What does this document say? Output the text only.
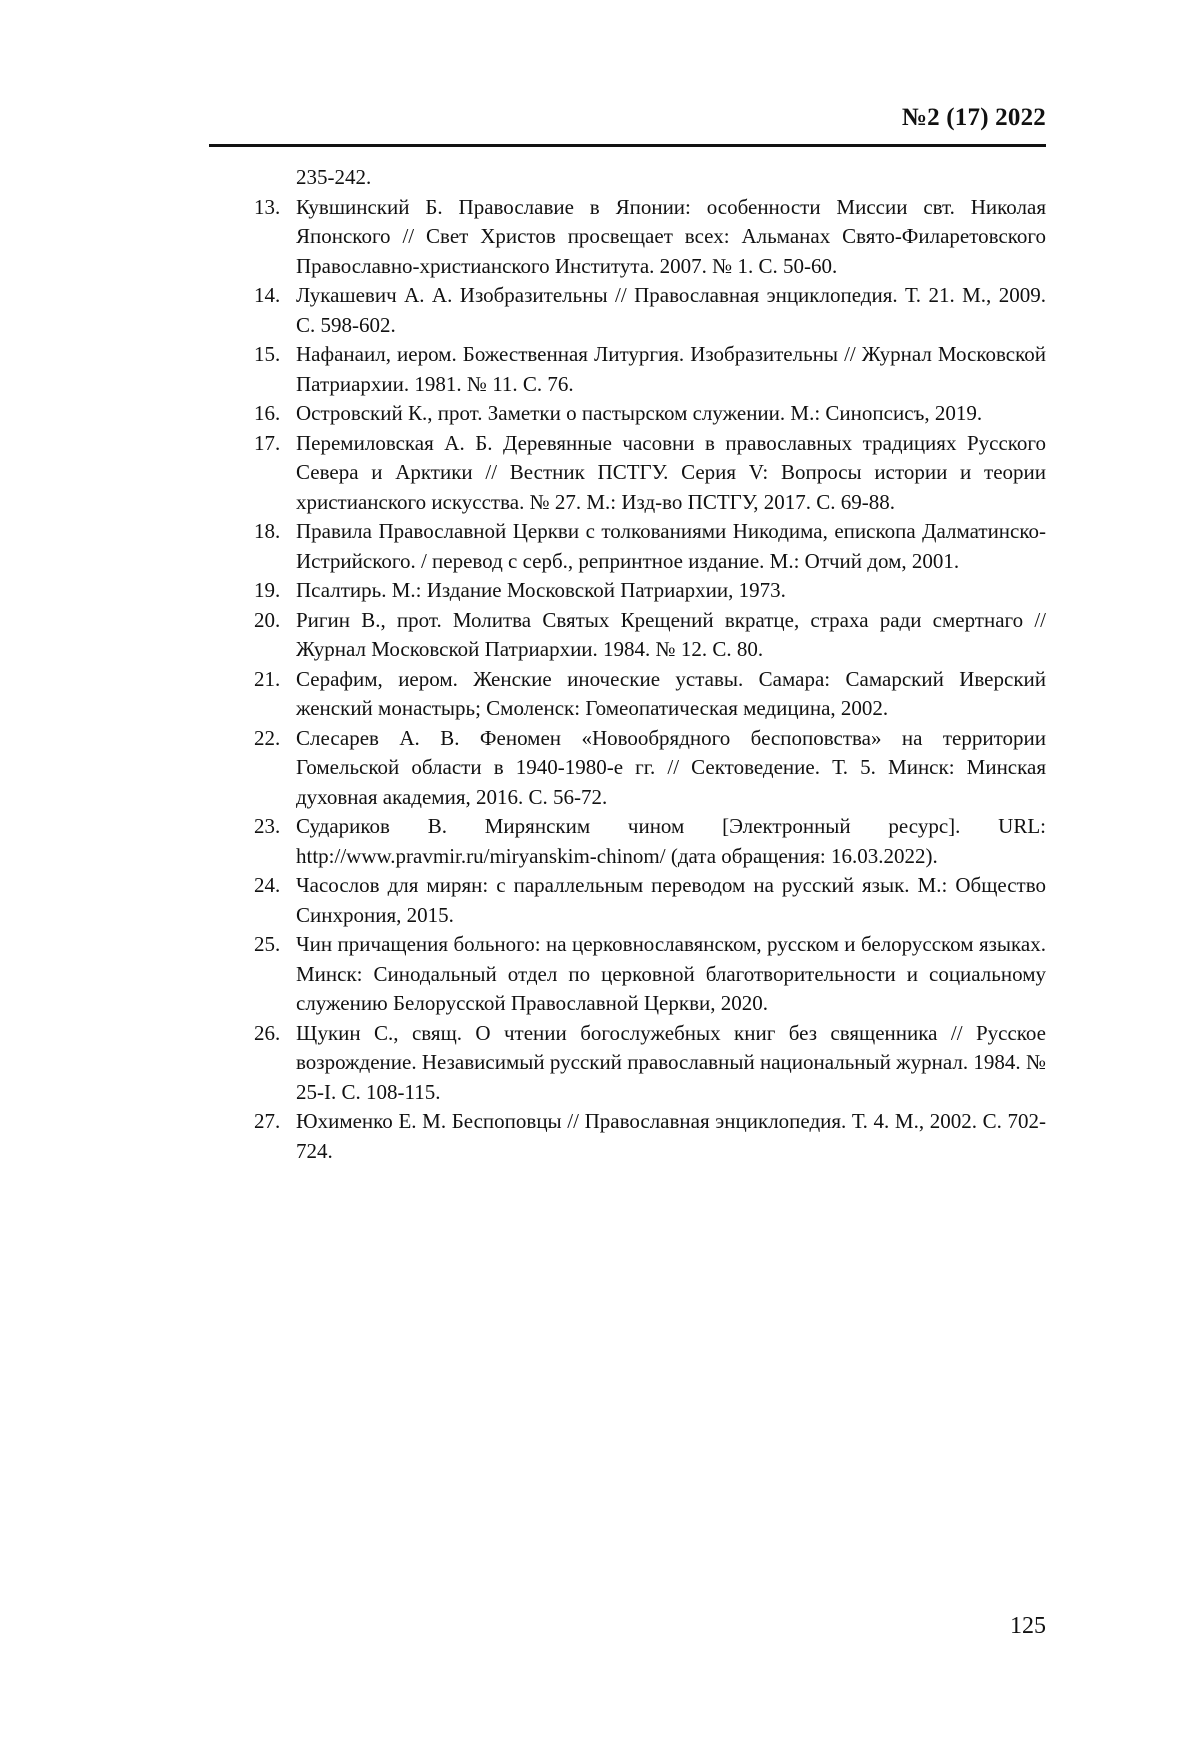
№2 (17) 2022
235-242.
13. Кувшинский Б. Православие в Японии: особенности Миссии свт. Николая Японского // Свет Христов просвещает всех: Альманах Свято-Филаретовского Православно-христианского Института. 2007. № 1. С. 50-60.
14. Лукашевич А. А. Изобразительны // Православная энциклопедия. Т. 21. М., 2009. С. 598-602.
15. Нафанаил, иером. Божественная Литургия. Изобразительны // Журнал Московской Патриархии. 1981. № 11. С. 76.
16. Островский К., прот. Заметки о пастырском служении. М.: Синопсисъ, 2019.
17. Перемиловская А. Б. Деревянные часовни в православных традициях Русского Севера и Арктики // Вестник ПСТГУ. Серия V: Вопросы истории и теории христианского искусства. № 27. М.: Изд-во ПСТГУ, 2017. С. 69-88.
18. Правила Православной Церкви с толкованиями Никодима, епископа Далматинско-Истрийского. / перевод с серб., репринтное издание. М.: Отчий дом, 2001.
19. Псалтирь. М.: Издание Московской Патриархии, 1973.
20. Ригин В., прот. Молитва Святых Крещений вкратце, страха ради смертнаго // Журнал Московской Патриархии. 1984. № 12. С. 80.
21. Серафим, иером. Женские иноческие уставы. Самара: Самарский Иверский женский монастырь; Смоленск: Гомеопатическая медицина, 2002.
22. Слесарев А. В. Феномен «Новообрядного беспоповства» на территории Гомельской области в 1940-1980-е гг. // Сектоведение. Т. 5. Минск: Минская духовная академия, 2016. С. 56-72.
23. Судариков В. Мирянским чином [Электронный ресурс]. URL: http://www.pravmir.ru/miryanskim-chinom/ (дата обращения: 16.03.2022).
24. Часослов для мирян: с параллельным переводом на русский язык. М.: Общество Синхрония, 2015.
25. Чин причащения больного: на церковнославянском, русском и белорусском языках. Минск: Синодальный отдел по церковной благотворительности и социальному служению Белорусской Православной Церкви, 2020.
26. Щукин С., свящ. О чтении богослужебных книг без священника // Русское возрождение. Независимый русский православный национальный журнал. 1984. № 25-I. С. 108-115.
27. Юхименко Е. М. Беспоповцы // Православная энциклопедия. Т. 4. М., 2002. С. 702-724.
125
